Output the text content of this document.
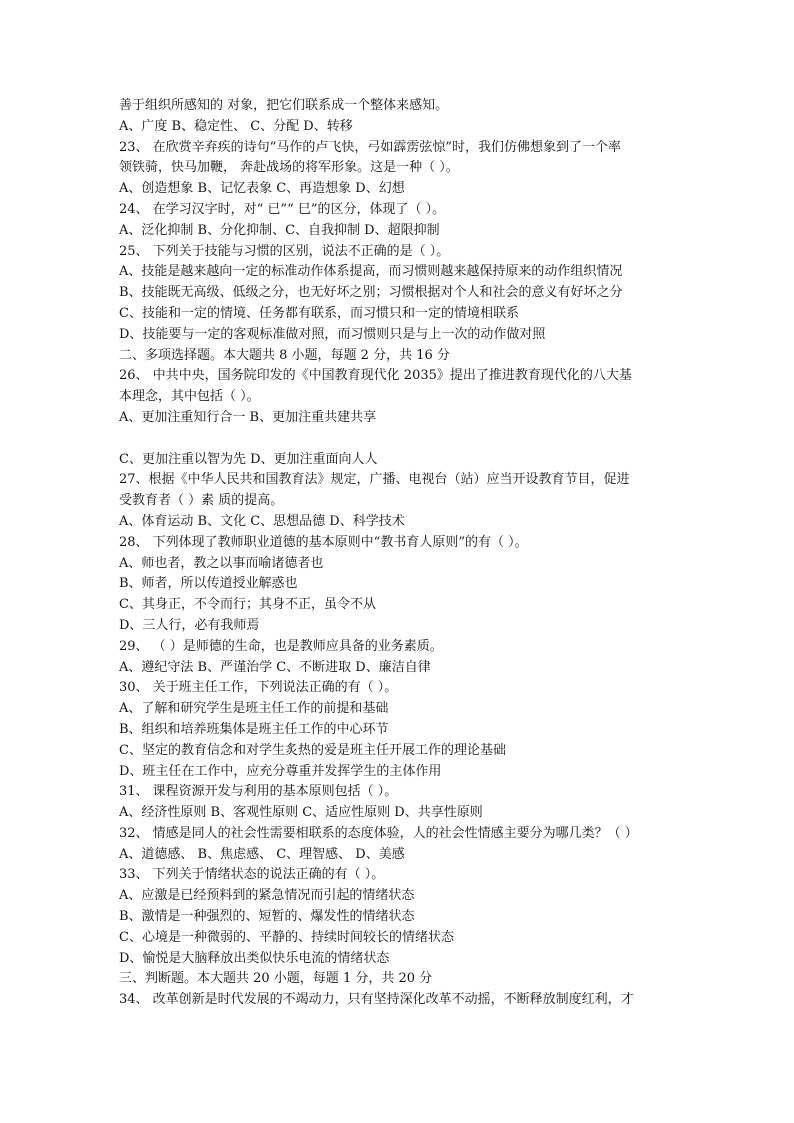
善于组织所感知的 对象，把它们联系成一个整体来感知。
A、广度 B、稳定性、 C、分配 D、转移
23、 在欣赏辛弃疾的诗句“马作的卢飞快，弓如霹雳弦惊”时，我们仿佛想象到了一个率
领铁骑，快马加鞭， 奔赴战场的将军形象。这是一种（ ）。
A、创造想象 B、记忆表象 C、再造想象 D、幻想
24、 在学习汉字时，对“ 已”“ 巳”的区分，体现了（ ）。
A、泛化抑制 B、分化抑制、C、自我抑制 D、超限抑制
25、 下列关于技能与习惯的区别，说法不正确的是（ ）。
A、技能是越来越向一定的标准动作体系提高，而习惯则越来越保持原来的动作组织情况
B、技能既无高级、低级之分，也无好坏之别；习惯根据对个人和社会的意义有好坏之分
C、技能和一定的情境、任务都有联系，而习惯只和一定的情境相联系
D、技能要与一定的客观标准做对照，而习惯则只是与上一次的动作做对照
二、多项选择题。本大题共 8 小题，每题 2 分，共 16 分
26、 中共中央，国务院印发的《中国教育现代化 2035》提出了推进教育现代化的八大基
本理念，其中包括（ ）。
A、更加注重知行合一 B、更加注重共建共享
C、更加注重以智为先 D、更加注重面向人人
27、根据《中华人民共和国教育法》规定，广播、电视台（站）应当开设教育节目，促进
受教育者（ ）素 质的提高。
A、体育运动 B、文化 C、思想品德 D、科学技术
28、 下列体现了教师职业道德的基本原则中“教书育人原则”的有（ ）。
A、师也者，教之以事而喻诸德者也
B、师者，所以传道授业解惑也
C、其身正，不令而行；其身不正，虽令不从
D、三人行，必有我师焉
29、 （ ）是师德的生命，也是教师应具备的业务素质。
A、遵纪守法 B、严谨治学 C、不断进取 D、廉洁自律
30、 关于班主任工作，下列说法正确的有（ ）。
A、了解和研究学生是班主任工作的前提和基础
B、组织和培养班集体是班主任工作的中心环节
C、坚定的教育信念和对学生炙热的爱是班主任开展工作的理论基础
D、班主任在工作中，应充分尊重并发挥学生的主体作用
31、 课程资源开发与利用的基本原则包括（ ）。
A、经济性原则 B、客观性原则 C、适应性原则 D、共享性原则
32、 情感是同人的社会性需要相联系的态度体验，人的社会性情感主要分为哪几类？（ ）
A、道德感、 B、焦虑感、 C、理智感、 D、美感
33、 下列关于情绪状态的说法正确的有（ ）。
A、应激是已经预料到的紧急情况而引起的情绪状态
B、激情是一种强烈的、短暂的、爆发性的情绪状态
C、心境是一种微弱的、平静的、持续时间较长的情绪状态
D、愉悦是大脑释放出类似快乐电流的情绪状态
三、判断题。本大题共 20 小题，每题 1 分，共 20 分
34、 改革创新是时代发展的不竭动力，只有坚持深化改革不动摇，不断释放制度红利，才
